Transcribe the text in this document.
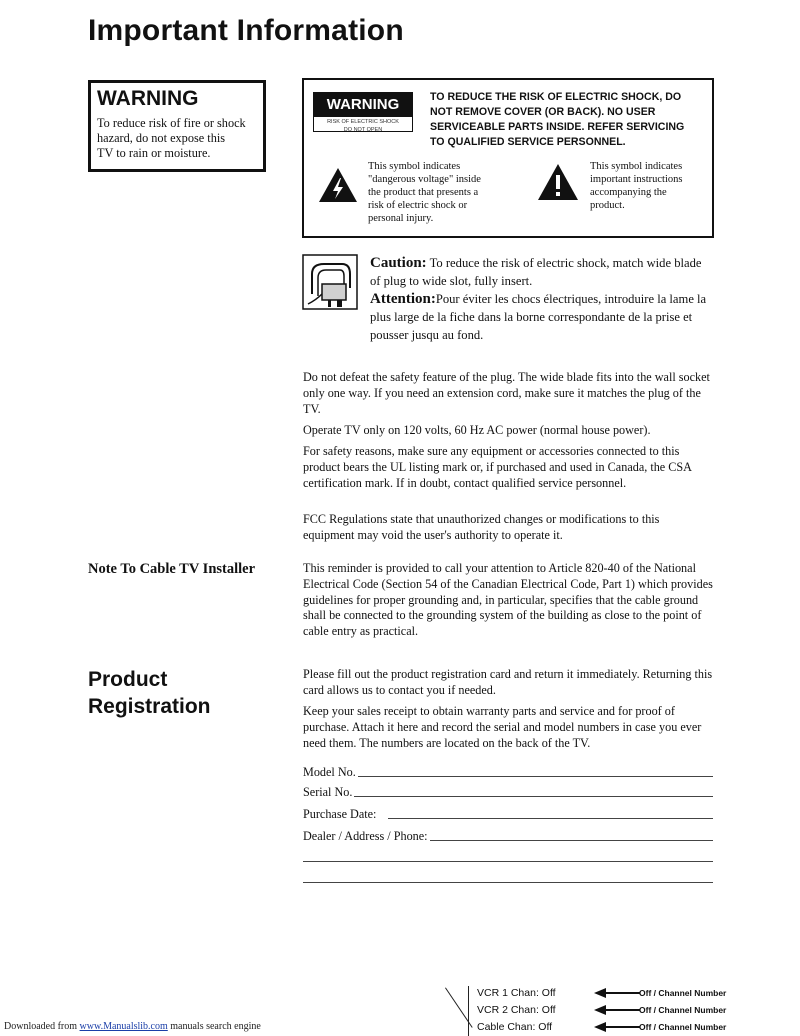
Important Information
WARNING
To reduce risk of fire or shock
hazard, do not expose this
TV to rain or moisture.
WARNING
RISK OF ELECTRIC SHOCK
DO NOT OPEN
TO REDUCE THE RISK OF ELECTRIC SHOCK, DO
NOT REMOVE COVER (OR BACK). NO USER
SERVICEABLE PARTS INSIDE. REFER SERVICING
TO QUALIFIED SERVICE PERSONNEL.
This symbol indicates
"dangerous voltage" inside
the product that presents a
risk of electric shock or
personal injury.
This symbol indicates
important instructions
accompanying the
product.
Caution: To reduce the risk of electric shock, match wide blade of plug to wide slot, fully insert.
Attention:Pour éviter les chocs électriques, introduire la lame la plus large de la fiche dans la borne correspondante de la prise et pousser jusqu au fond.
Do not defeat the safety feature of the plug. The wide blade fits into the wall socket only one way. If you need an extension cord, make sure it matches the plug of the TV.
Operate TV only on 120 volts, 60 Hz AC power (normal house power).
For safety reasons, make sure any equipment or accessories connected to this product bears the UL listing mark or, if purchased and used in Canada, the CSA certification mark. If in doubt, contact qualified service personnel.
FCC Regulations state that unauthorized changes or modifications to this equipment may void the user's authority to operate it.
Note To Cable TV Installer	This reminder is provided to call your attention to Article 820-40 of the National Electrical Code (Section 54 of the Canadian Electrical Code, Part 1) which provides guidelines for proper grounding and, in particular, specifies that the cable ground shall be connected to the grounding system of the building as close to the point of cable entry as practical.
Product
Registration
Please fill out the product registration card and return it immediately. Returning this card allows us to contact you if needed.
Keep your sales receipt to obtain warranty parts and service and for proof of purchase. Attach it here and record the serial and model numbers in case you ever need them. The numbers are located on the back of the TV.
Model No.
Serial No.
Purchase Date:
Dealer / Address / Phone:
VCR 1 Chan: Off	Off / Channel Number
VCR 2 Chan: Off	Off / Channel Number
Cable Chan: Off	Off / Channel Number
Downloaded from www.Manualslib.com manuals search engine
